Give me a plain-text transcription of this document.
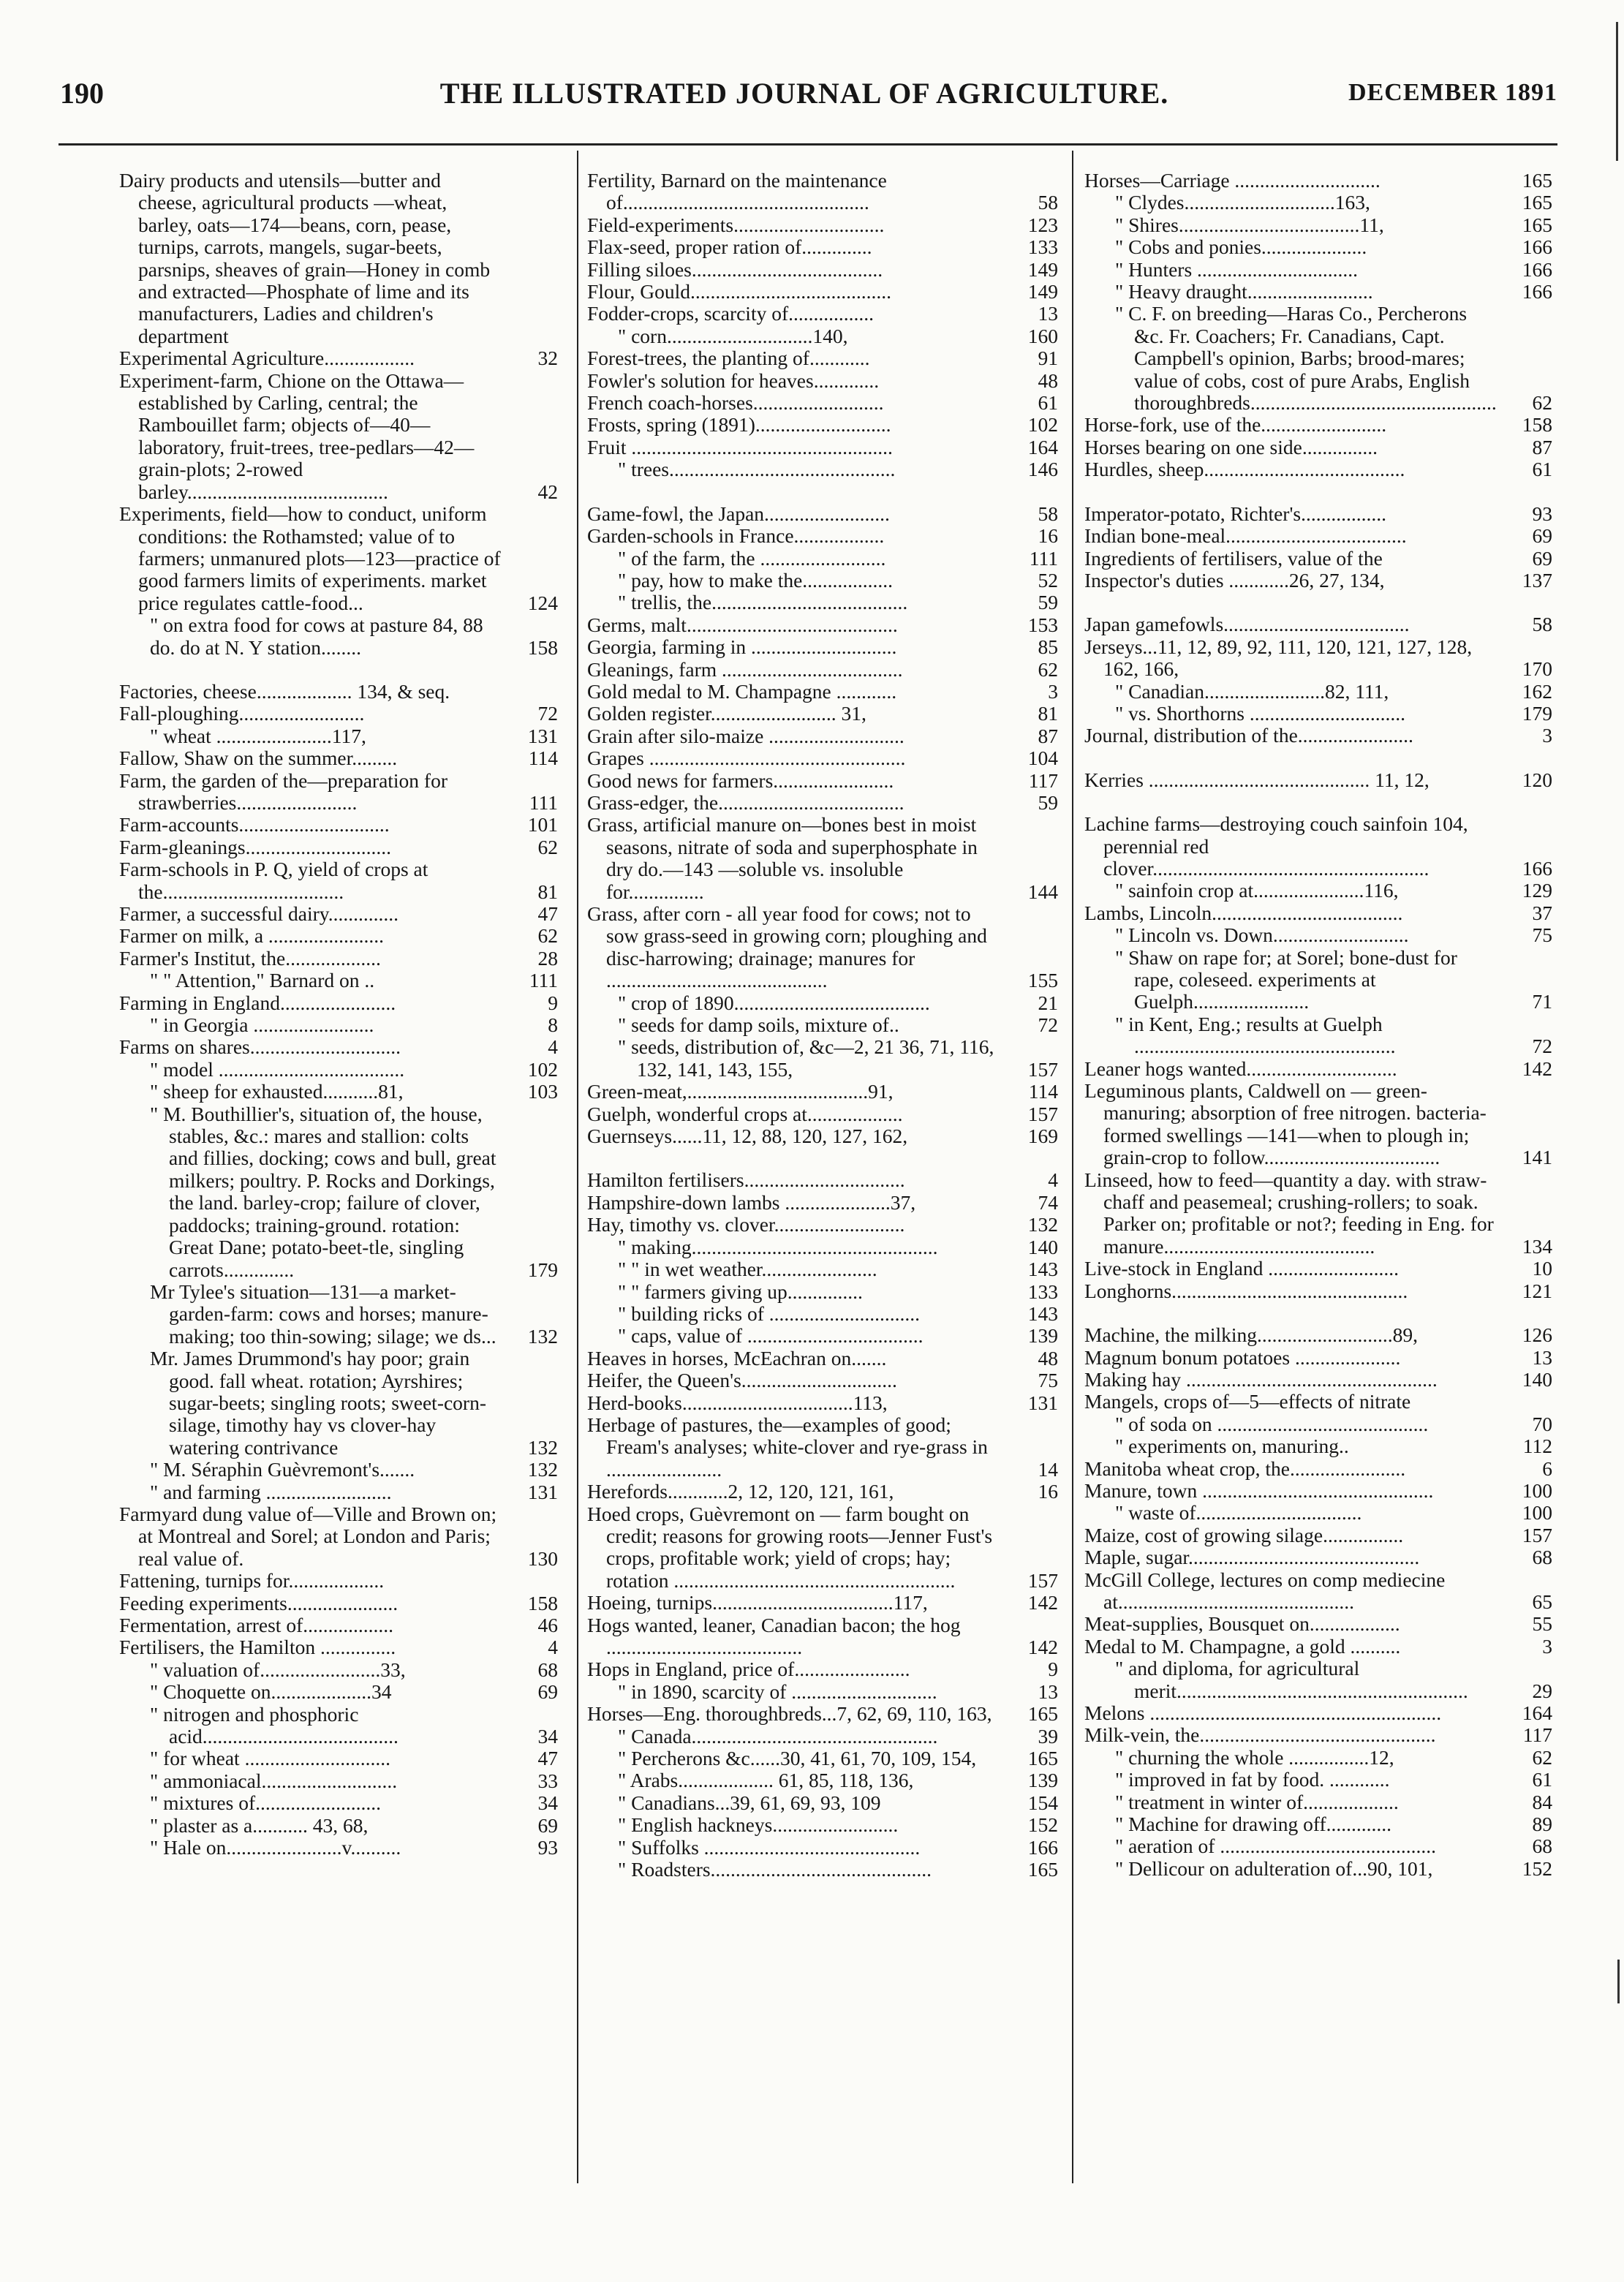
190	THE ILLUSTRATED JOURNAL OF AGRICULTURE.	DECEMBER 1891
Dairy products and utensils—butter and cheese, agricultural products —wheat, barley, oats—174—beans, corn, pease, turnips, carrots, mangels, sugar-beets, parsnips, sheaves of grain—Honey in comb and extracted—Phosphate of lime and its manufacturers, Ladies and children's department
Experimental Agriculture..................	32
Experiment-farm, Chione on the Ottawa—established by Carling, central; the Rambouillet farm; objects of—40—laboratory, fruit-trees, tree-pedlars—42— grain-plots; 2-rowed barley........................................	42
Experiments, field—how to conduct, uniform conditions: the Rothamsted; value of to farmers; unmanured plots—123—practice of good farmers limits of experiments. market price regulates cattle-food...	124
" on extra food for cows at pasture 84, 88
do. do at N. Y station........	158
Factories, cheese................... 134, & seq.
Fall-ploughing.........................	72
" wheat .......................117,	131
Fallow, Shaw on the summer.........	114
Farm, the garden of the—preparation for strawberries........................	111
Farm-accounts..............................	101
Farm-gleanings.............................	62
Farm-schools in P. Q, yield of crops at the....................................	81
Farmer, a successful dairy..............	47
Farmer on milk, a .......................	62
Farmer's Institut, the...................	28
" " Attention," Barnard on ..	111
Farming in England.......................	9
" in Georgia ........................	8
Farms on shares..............................	4
" model .....................................	102
" sheep for exhausted...........81,	103
" M. Bouthillier's, situation of, the house, stables, &c.: mares and stallion: colts and fillies, docking; cows and bull, great milkers; poultry. P. Rocks and Dorkings, the land. barley-crop; failure of clover, paddocks; training-ground. rotation: Great Dane; potato-beet-tle, singling carrots..............	179
Mr Tylee's situation—131—a market-garden-farm: cows and horses; manure-making; too thin-sowing; silage; we ds... 132
Mr. James Drummond's hay poor; grain good. fall wheat. rotation; Ayrshires; sugar-beets; singling roots; sweet-corn-silage, timothy hay vs clover-hay watering contrivance	132
" M. Séraphin Guèvremont's.......	132
" and farming .........................	131
Farmyard dung value of—Ville and Brown on; at Montreal and Sorel; at London and Paris; real value of.	130
Fattening, turnips for...................
Feeding experiments......................	158
Fermentation, arrest of..................	46
Fertilisers, the Hamilton ...............	4
" valuation of........................33,	68
" Choquette on....................34	69
" nitrogen and phosphoric acid.......................................	34
" for wheat .............................	47
" ammoniacal...........................	33
" mixtures of.........................	34
" plaster as a........... 43, 68,	69
" Hale on.......................v..........	93
Fertility, Barnard on the maintenance of.................................................	58
Field-experiments..............................	123
Flax-seed, proper ration of..............	133
Filling siloes......................................	149
Flour, Gould........................................	149
Fodder-crops, scarcity of.................	13
" corn.............................140,	160
Forest-trees, the planting of............	91
Fowler's solution for heaves.............	48
French coach-horses..........................	61
Frosts, spring (1891)...........................	102
Fruit ....................................................	164
" trees.............................................	146
Game-fowl, the Japan.........................	58
Garden-schools in France..................	16
" of the farm, the .........................	111
" pay, how to make the..................	52
" trellis, the.......................................	59
Germs, malt..........................................	153
Georgia, farming in .............................	85
Gleanings, farm ....................................	62
Gold medal to M. Champagne ............	3
Golden register......................... 31,	81
Grain after silo-maize ...........................	87
Grapes ...................................................	104
Good news for farmers........................	117
Grass-edger, the.....................................	59
Grass, artificial manure on—bones best in moist seasons, nitrate of soda and superphosphate in dry do.—143 —soluble vs. insoluble for...............	144
Grass, after corn - all year food for cows; not to sow grass-seed in growing corn; ploughing and disc-harrowing; drainage; manures for ............................................	155
" crop of 1890.......................................	21
" seeds for damp soils, mixture of..	72
" seeds, distribution of, &c—2, 21 36, 71, 116, 132, 141, 143, 155,	157
Green-meat,....................................91,	114
Guelph, wonderful crops at...................	157
Guernseys......11, 12, 88, 120, 127, 162,	169
Hamilton fertilisers................................	4
Hampshire-down lambs .....................37,	74
Hay, timothy vs. clover..........................	132
" making.................................................	140
" " in wet weather.......................	143
" " farmers giving up...............	133
" building ricks of ..............................	143
" caps, value of ...................................	139
Heaves in horses, McEachran on.......	48
Heifer, the Queen's...............................	75
Herd-books..................................113,	131
Herbage of pastures, the—examples of good; Fream's analyses; white-clover and rye-grass in .......................	14
Herefords............2, 12, 120, 121, 161,	16
Hoed crops, Guèvremont on — farm bought on credit; reasons for growing roots—Jenner Fust's crops, profitable work; yield of crops; hay; rotation ........................................................	157
Hoeing, turnips....................................117,	142
Hogs wanted, leaner, Canadian bacon; the hog .......................................	142
Hops in England, price of.......................	9
" in 1890, scarcity of .............................	13
Horses—Eng. thoroughbreds...7, 62, 69, 110, 163, 165
" Canada.................................................	39
" Percherons &c......30, 41, 61, 70, 109, 154,	165
" Arabs................... 61, 85, 118, 136,	139
" Canadians...39, 61, 69, 93, 109	154
" English hackneys.........................	152
" Suffolks ...........................................	166
" Roadsters............................................	165
Horses—Carriage .............................	165
" Clydes..............................163,	165
" Shires....................................11,	165
" Cobs and ponies.....................	166
" Hunters ................................	166
" Heavy draught.........................	166
" C. F. on breeding—Haras Co., Percherons &c. Fr. Coachers; Fr. Canadians, Capt. Campbell's opinion, Barbs; brood-mares; value of cobs, cost of pure Arabs, English thoroughbreds................................................. 62
Horse-fork, use of the.........................	158
Horses bearing on one side...............	87
Hurdles, sheep........................................	61
Imperator-potato, Richter's.................	93
Indian bone-meal....................................	69
Ingredients of fertilisers, value of the	69
Inspector's duties ............26, 27, 134,	137
Japan gamefowls.....................................	58
Jerseys...11, 12, 89, 92, 111, 120, 121, 127, 128, 162, 166,	170
" Canadian........................82, 111,	162
" vs. Shorthorns ...............................	179
Journal, distribution of the.......................	3
Kerries ............................................ 11, 12,	120
Lachine farms—destroying couch sainfoin 104, perennial red clover.......................................................	166
" sainfoin crop at......................116,	129
Lambs, Lincoln......................................	37
" Lincoln vs. Down...........................	75
" Shaw on rape for; at Sorel; bone-dust for rape, coleseed. experiments at Guelph.......................	71
" in Kent, Eng.; results at Guelph ....................................................	72
Leaner hogs wanted..............................	142
Leguminous plants, Caldwell on — green-manuring; absorption of free nitrogen. bacteria-formed swellings —141—when to plough in; grain-crop to follow...................................	141
Linseed, how to feed—quantity a day. with straw-chaff and peasemeal; crushing-rollers; to soak. Parker on; profitable or not?; feeding in Eng. for manure..........................................	134
Live-stock in England ..........................	10
Longhorns...............................................	121
Machine, the milking...........................89,	126
Magnum bonum potatoes .....................	13
Making hay ..................................................	140
Mangels, crops of—5—effects of nitrate
" of soda on ..........................................	70
" experiments on, manuring..	112
Manitoba wheat crop, the.......................	6
Manure, town ..............................................	100
" waste of.................................	100
Maize, cost of growing silage................	157
Maple, sugar..............................................	68
McGill College, lectures on comp mediecine at...............................................	65
Meat-supplies, Bousquet on..................	55
Medal to M. Champagne, a gold ..........	3
" and diploma, for agricultural merit..........................................................	29
Melons ..........................................................	164
Milk-vein, the...............................................	117
" churning the whole ................12,	62
" improved in fat by food. ............	61
" treatment in winter of...................	84
" Machine for drawing off.............	89
" aeration of ...........................................	68
" Dellicour on adulteration of...90, 101,	152
